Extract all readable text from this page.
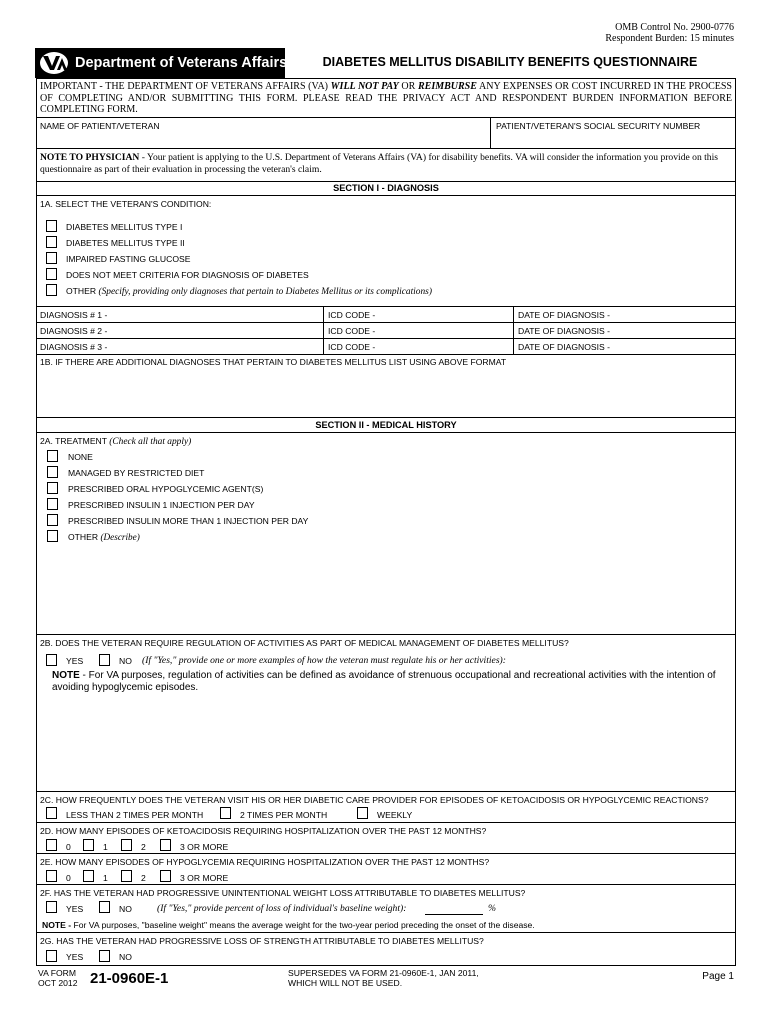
OMB Control No. 2900-0776
Respondent Burden: 15 minutes
Department of Veterans Affairs	DIABETES MELLITUS DISABILITY BENEFITS QUESTIONNAIRE
IMPORTANT - THE DEPARTMENT OF VETERANS AFFAIRS (VA) WILL NOT PAY OR REIMBURSE ANY EXPENSES OR COST INCURRED IN THE PROCESS OF COMPLETING AND/OR SUBMITTING THIS FORM. PLEASE READ THE PRIVACY ACT AND RESPONDENT BURDEN INFORMATION BEFORE COMPLETING FORM.
NAME OF PATIENT/VETERAN	PATIENT/VETERAN'S SOCIAL SECURITY NUMBER
NOTE TO PHYSICIAN - Your patient is applying to the U.S. Department of Veterans Affairs (VA) for disability benefits. VA will consider the information you provide on this questionnaire as part of their evaluation in processing the veteran's claim.
SECTION I - DIAGNOSIS
1A. SELECT THE VETERAN'S CONDITION:
DIABETES MELLITUS TYPE I
DIABETES MELLITUS TYPE II
IMPAIRED FASTING GLUCOSE
DOES NOT MEET CRITERIA FOR DIAGNOSIS OF DIABETES
OTHER (Specify, providing only diagnoses that pertain to Diabetes Mellitus or its complications)
DIAGNOSIS # 1 -	ICD CODE -	DATE OF DIAGNOSIS -
DIAGNOSIS # 2 -	ICD CODE -	DATE OF DIAGNOSIS -
DIAGNOSIS # 3 -	ICD CODE -	DATE OF DIAGNOSIS -
1B. IF THERE ARE ADDITIONAL DIAGNOSES THAT PERTAIN TO DIABETES MELLITUS LIST USING ABOVE FORMAT
SECTION II - MEDICAL HISTORY
2A. TREATMENT (Check all that apply)
NONE
MANAGED BY RESTRICTED DIET
PRESCRIBED ORAL HYPOGLYCEMIC AGENT(S)
PRESCRIBED INSULIN 1 INJECTION PER DAY
PRESCRIBED INSULIN MORE THAN 1 INJECTION PER DAY
OTHER (Describe)
2B. DOES THE VETERAN REQUIRE REGULATION OF ACTIVITIES AS PART OF MEDICAL MANAGEMENT OF DIABETES MELLITUS?
YES	NO (If "Yes," provide one or more examples of how the veteran must regulate his or her activities):
NOTE - For VA purposes, regulation of activities can be defined as avoidance of strenuous occupational and recreational activities with the intention of avoiding hypoglycemic episodes.
2C. HOW FREQUENTLY DOES THE VETERAN VISIT HIS OR HER DIABETIC CARE PROVIDER FOR EPISODES OF KETOACIDOSIS OR HYPOGLYCEMIC REACTIONS?
LESS THAN 2 TIMES PER MONTH	2 TIMES PER MONTH	WEEKLY
2D. HOW MANY EPISODES OF KETOACIDOSIS REQUIRING HOSPITALIZATION OVER THE PAST 12 MONTHS?
0	1	2	3 OR MORE
2E. HOW MANY EPISODES OF HYPOGLYCEMIA REQUIRING HOSPITALIZATION OVER THE PAST 12 MONTHS?
0	1	2	3 OR MORE
2F. HAS THE VETERAN HAD PROGRESSIVE UNINTENTIONAL WEIGHT LOSS ATTRIBUTABLE TO DIABETES MELLITUS?
YES	NO	(If "Yes," provide percent of loss of individual's baseline weight):	%
NOTE - For VA purposes, "baseline weight" means the average weight for the two-year period preceding the onset of the disease.
2G. HAS THE VETERAN HAD PROGRESSIVE LOSS OF STRENGTH ATTRIBUTABLE TO DIABETES MELLITUS?
YES	NO
VA FORM
OCT 2012 21-0960E-1	SUPERSEDES VA FORM 21-0960E-1, JAN 2011,
WHICH WILL NOT BE USED.
Page 1
